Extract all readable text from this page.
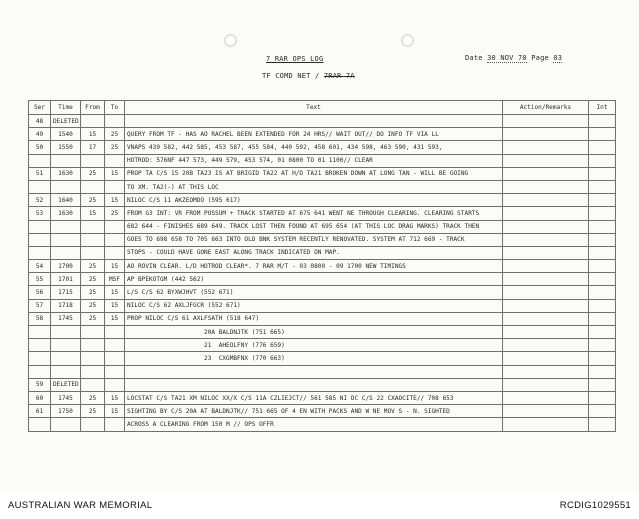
7 RAR OPS LOG
TF COMD NET / 7RAR 7A
Date 30 NOV 70 Page 03
Ser	Time	From	To	Text	Action/Remarks	Int
48	DELETED					
49	1540	15	25	QUERY FROM TF - HAS AO RACHEL BEEN EXTENDED FOR 24 HRS// WAIT OUT// DO INFO TF VIA LL		
50	1550	17	25	VNAPS 439 582, 442 585, 453 587, 455 584, 440 592, 458 601, 434 598, 463 590, 431 593,		
				HOTROD: 576NF 447 573, 449 579, 453 574, 01 0800 TO 01 1100// CLEAR		
51	1630	25	15	PROP TA C/S 15 20B TA23 IS AT BRIGID TA22 AT H/D TA21 BROKEN DOWN AT LONG TAN - WILL BE GOING		
				TO XM. TA2(-) AT THIS LOC		
52	1640	25	15	NILOC C/S 11 AKZEOMDO (595 617)		
53	1630	15	25	FROM G3 INT: VR FROM POSSUM + TRACK STARTED AT 675 641 WENT NE THROUGH CLEARING. CLEARING STARTS		
				682 644 - FINISHES 689 649. TRACK LOST THEN FOUND AT 695 654 (AT THIS LOC DRAG MARKS) TRACK THEN		
				GOES TO 698 658 TO 705 663 INTO OLD BNK SYSTEM RECENTLY RENOVATED. SYSTEM AT 712 669 - TRACK		
				STOPS - COULD HAVE GONE EAST ALONG TRACK INDICATED ON MAP.		
54	1700	25	15	AO ROVIN CLEAR. L/D HOTROD CLEAR*. 7 RAR M/T - 03 0800 - 09 1700 NEW TIMINGS		
55	1701	25	MSF	AP BPEKOTGM (442 562)		
56	1715	25	15	L/S C/S 62 BYXWJHVT (552 671)		
57	1718	25	15	NILOC C/S 62 AXLJFGCR (552 671)		
58	1745	25	15	PROP NILOC C/S 61 AXLFSATH (518 647)		
				20A BALDNJTK (751 665)		
				21  AHEOLFNY (776 659)		
				23  CXGMBFNX (770 663)		

59	DELETED					
60	1745	25	15	LOCSTAT C/S TA21 XM NILOC XX/X C/S 11A CZLIEJCT// 561 585 NI OC C/S 22 CXAOCITE// 708 653		
61	1750	25	15	SIGHTING BY C/S 20A AT BALDNJTK// 751 665 OF 4 EN WITH PACKS AND W NE MOV S - N. SIGHTED		
				ACROSS A CLEARING FROM 150 M // OPS OFFR		
AUSTRALIAN WAR MEMORIAL	RCDIG1029551
